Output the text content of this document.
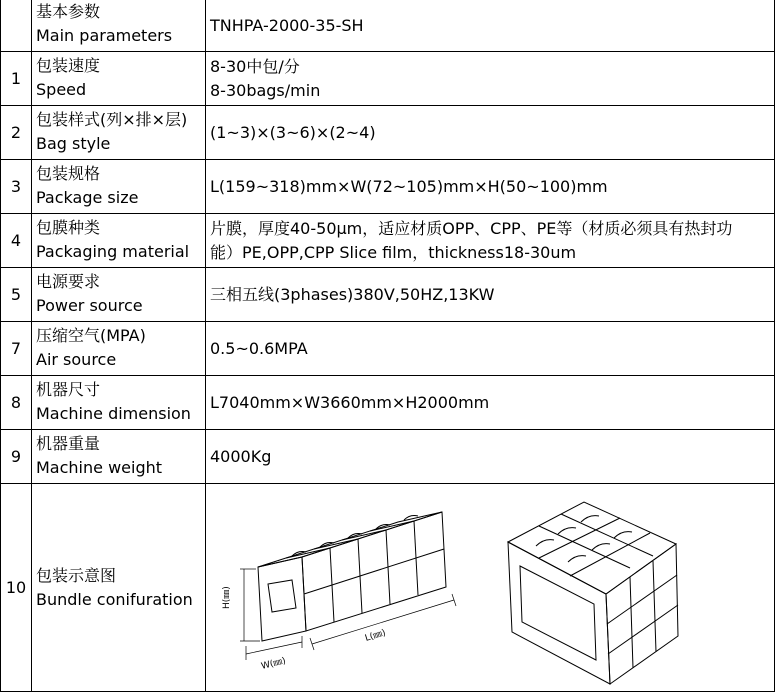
基本参数
Main parameters
TNHPA-2000-35-SH
1
包装速度
Speed
8-30中包/分
8-30bags/min
2
包装样式(列×排×层)
Bag style
(1~3)×(3~6)×(2~4)
3
包装规格
Package size
L(159~318)mm×W(72~105)mm×H(50~100)mm
4
包膜种类
Packaging material
片膜，厚度40-50μm，适应材质OPP、CPP、PE等（材质必须具有热封功
能）PE,OPP,CPP Slice film，thickness18-30um
5
电源要求
Power source
三相五线(3phases)380V,50HZ,13KW
7
压缩空气(MPA)
Air source
0.5~0.6MPA
8
机器尺寸
Machine dimension
L7040mm×W3660mm×H2000mm
9
机器重量
Machine weight
4000Kg
10
包装示意图
Bundle conifuration	H(㎜)
W(㎜)
L(㎜)
